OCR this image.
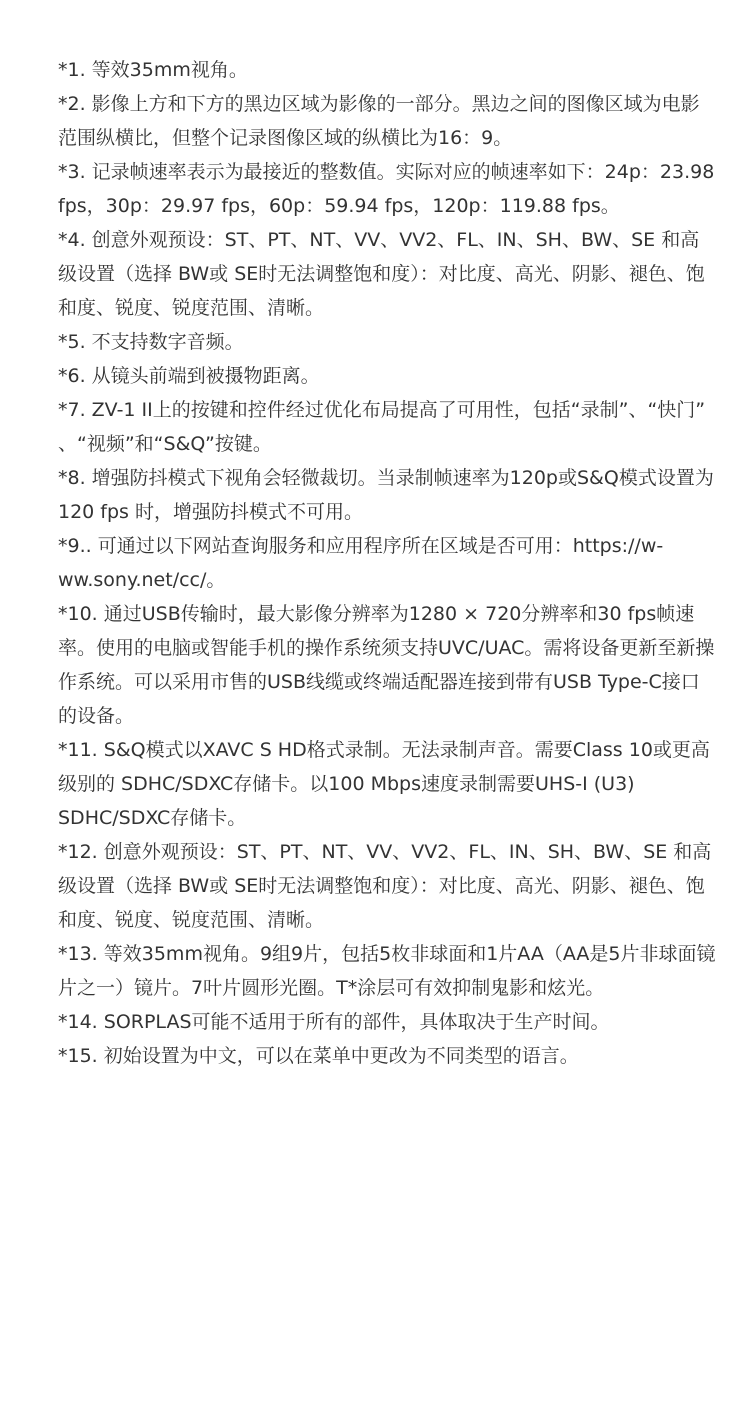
*1. 等效35mm视角。
*2. 影像上方和下方的黑边区域为影像的一部分。黑边之间的图像区域为电影范围纵横比，但整个记录图像区域的纵横比为16：9。
*3. 记录帧速率表示为最接近的整数值。实际对应的帧速率如下：24p：23.98 fps，30p：29.97 fps，60p：59.94 fps，120p：119.88 fps。
*4. 创意外观预设：ST、PT、NT、VV、VV2、FL、IN、SH、BW、SE 和高级设置（选择 BW或 SE时无法调整饱和度）：对比度、高光、阴影、褪色、饱和度、锐度、锐度范围、清晰。
*5. 不支持数字音频。
*6. 从镜头前端到被摄物距离。
*7. ZV-1 II上的按键和控件经过优化布局提高了可用性，包括“录制”、“快门” 、“视频”和“S&Q”按键。
*8. 增强防抖模式下视角会轻微裁切。当录制帧速率为120p或S&Q模式设置为120 fps 时，增强防抖模式不可用。
*9.. 可通过以下网站查询服务和应用程序所在区域是否可用：https://w-ww.sony.net/cc/。
*10. 通过USB传输时，最大影像分辨率为1280 × 720分辨率和30 fps帧速率。使用的电脑或智能手机的操作系统须支持UVC/UAC。需将设备更新至新操作系统。可以采用市售的USB线缆或终端适配器连接到带有USB Type-C接口的设备。
*11. S&Q模式以XAVC S HD格式录制。无法录制声音。需要Class 10或更高级别的 SDHC/SDXC存储卡。以100 Mbps速度录制需要UHS-I (U3) SDHC/SDXC存储卡。
*12. 创意外观预设：ST、PT、NT、VV、VV2、FL、IN、SH、BW、SE 和高级设置（选择 BW或 SE时无法调整饱和度）：对比度、高光、阴影、褪色、饱和度、锐度、锐度范围、清晰。
*13. 等效35mm视角。9组9片，包括5枚非球面和1片AA（AA是5片非球面镜片之一）镜片。7叶片圆形光圈。T*涂层可有效抑制鬼影和炫光。
*14. SORPLAS可能不适用于所有的部件，具体取决于生产时间。
*15. 初始设置为中文，可以在菜单中更改为不同类型的语言。
